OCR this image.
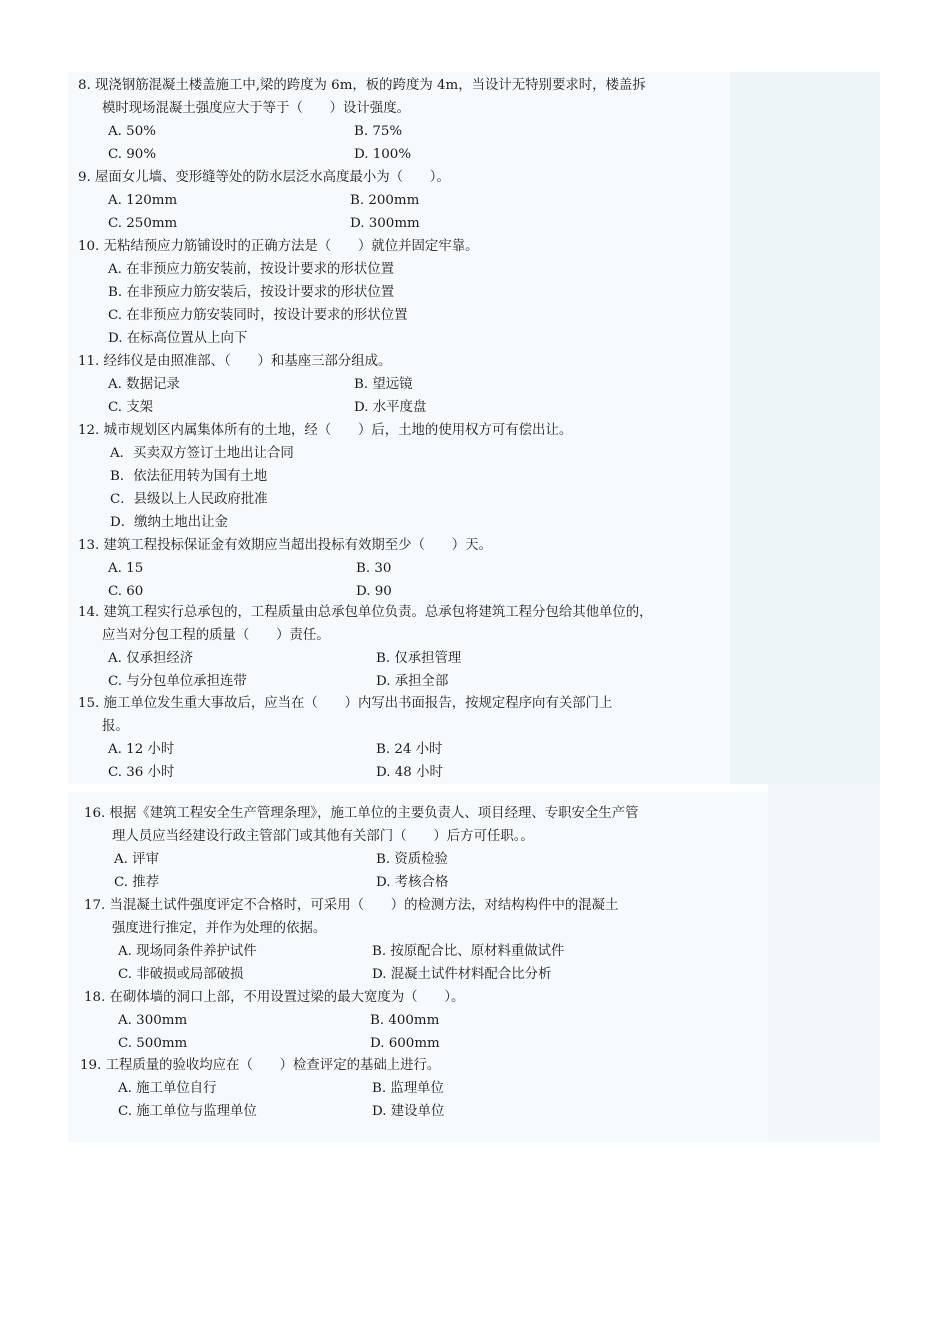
8. 现浇钢筋混凝土楼盖施工中,梁的跨度为 6m，板的跨度为 4m，当设计无特别要求时，楼盖拆
模时现场混凝土强度应大于等于（　　）设计强度。
A. 50%	B. 75%
C. 90%	D. 100%
9. 屋面女儿墙、变形缝等处的防水层泛水高度最小为（　　）。
A. 120mm	B. 200mm
C. 250mm	D. 300mm
10. 无粘结预应力筋铺设时的正确方法是（　　）就位并固定牢靠。
A. 在非预应力筋安装前，按设计要求的形状位置
B. 在非预应力筋安装后，按设计要求的形状位置
C. 在非预应力筋安装同时，按设计要求的形状位置
D. 在标高位置从上向下
11. 经纬仪是由照准部、（　　）和基座三部分组成。
A. 数据记录	B. 望远镜
C. 支架	D. 水平度盘
12. 城市规划区内属集体所有的土地，经（　　）后，土地的使用权方可有偿出让。
A．买卖双方签订土地出让合同
B．依法征用转为国有土地
C．县级以上人民政府批准
D．缴纳土地出让金
13. 建筑工程投标保证金有效期应当超出投标有效期至少（　　）天。
A. 15	B. 30
C. 60	D. 90
14. 建筑工程实行总承包的，工程质量由总承包单位负责。总承包将建筑工程分包给其他单位的，
应当对分包工程的质量（　　）责任。
A. 仅承担经济	B. 仅承担管理
C. 与分包单位承担连带	D. 承担全部
15. 施工单位发生重大事故后，应当在（　　）内写出书面报告，按规定程序向有关部门上
报。
A. 12 小时	B. 24 小时
C. 36 小时	D. 48 小时
16. 根据《建筑工程安全生产管理条理》，施工单位的主要负责人、项目经理、专职安全生产管
理人员应当经建设行政主管部门或其他有关部门（　　）后方可任职。。
A. 评审	B. 资质检验
C. 推荐	D. 考核合格
17. 当混凝土试件强度评定不合格时，可采用（　　）的检测方法，对结构构件中的混凝土
强度进行推定，并作为处理的依据。
A. 现场同条件养护试件	B. 按原配合比、原材料重做试件
C. 非破损或局部破损	D. 混凝土试件材料配合比分析
18. 在砌体墙的洞口上部，不用设置过梁的最大宽度为（　　）。
A. 300mm	B. 400mm
C. 500mm	D. 600mm
19. 工程质量的验收均应在（　　）检查评定的基础上进行。
A. 施工单位自行	B. 监理单位
C. 施工单位与监理单位	D. 建设单位
